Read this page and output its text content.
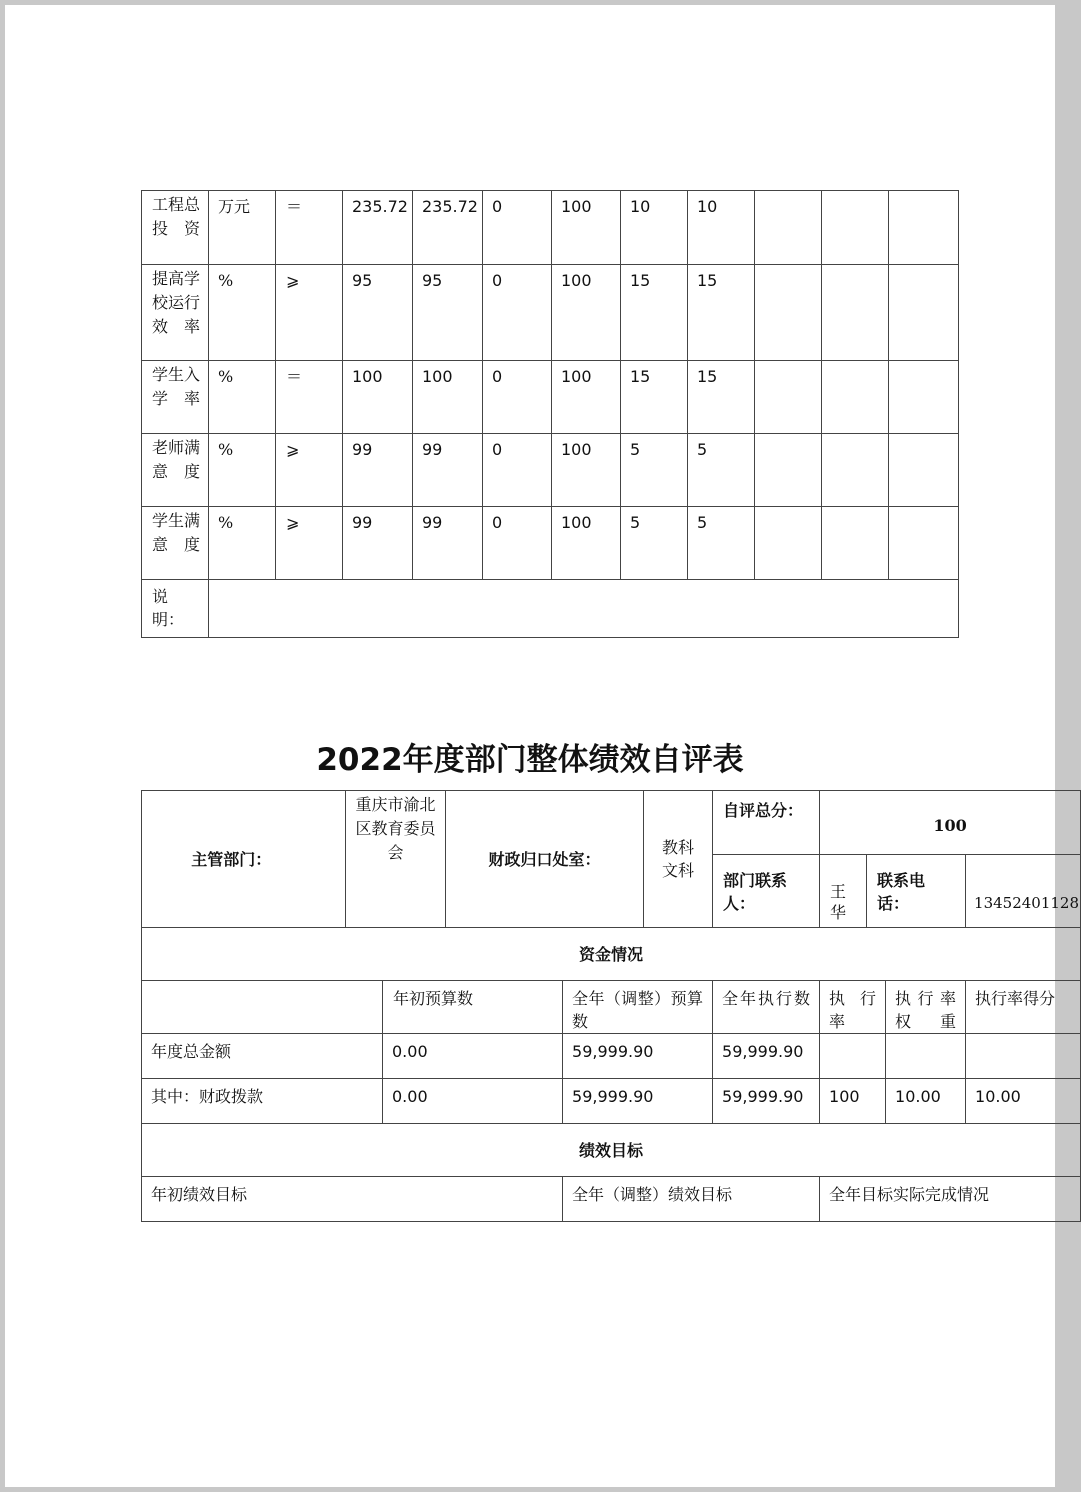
工程总投资	万元	＝	235.72	235.72	0	100	10	10			
提高学校运行效率	%	⩾	95	95	0	100	15	15			
学生入学率	%	＝	100	100	0	100	15	15			
老师满意度	%	⩾	99	99	0	100	5	5			
学生满意度	%	⩾	99	99	0	100	5	5			
说明：											
2022年度部门整体绩效自评表
主管部门：		重庆市渝北区教育委员会		财政归口处室：		教科文科	自评总分：	100			
							部门联系人：	王华	联系电话：		13452401128
资金情况											
			年初预算数		全年（调整）预算数		全年执行数	执行率		执行率权重	执行率得分
年度总金额			0.00		59,999.90		59,999.90				
其中：财政拨款			0.00		59,999.90		59,999.90	100		10.00	10.00
绩效目标											
年初绩效目标					全年（调整）绩效目标			全年目标实际完成情况			
